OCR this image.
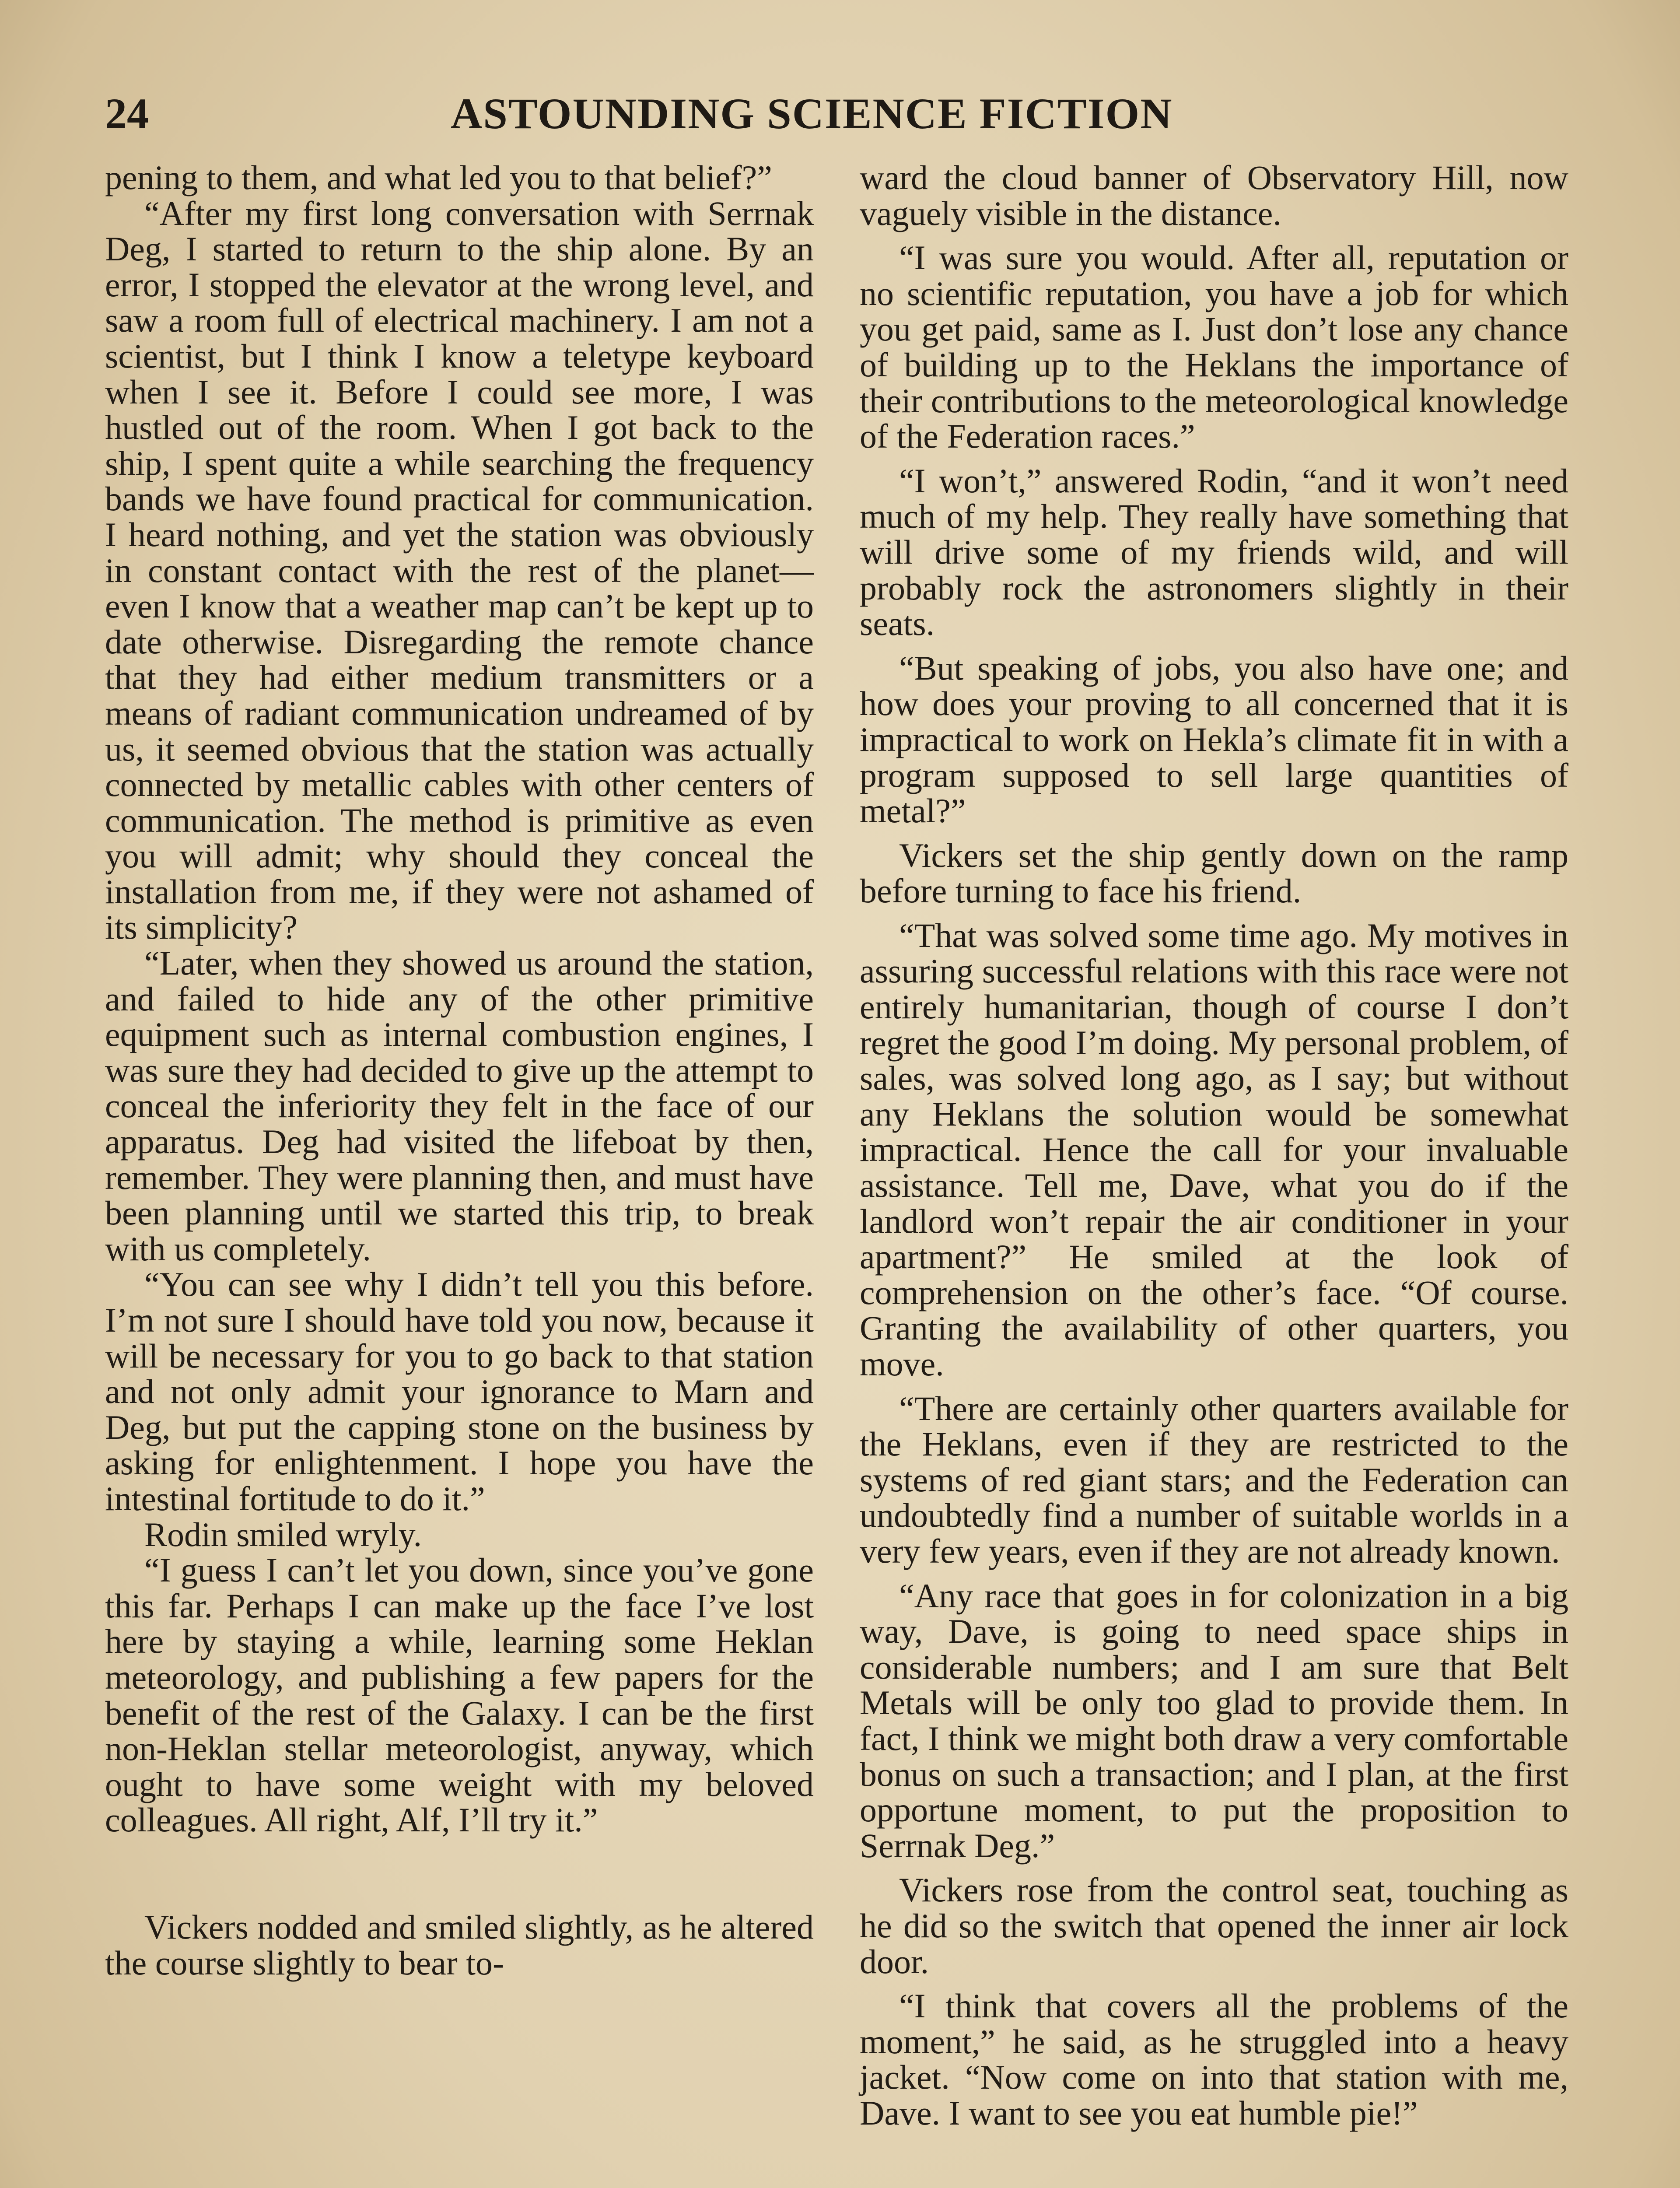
24	ASTOUNDING SCIENCE FICTION

pening to them, and what led you to that belief?”

“After my first long conversation with Serrnak Deg, I started to return to the ship alone. By an error, I stopped the elevator at the wrong level, and saw a room full of electrical machinery. I am not a scientist, but I think I know a teletype keyboard when I see it. Before I could see more, I was hustled out of the room. When I got back to the ship, I spent quite a while searching the frequency bands we have found practical for communication. I heard nothing, and yet the station was obviously in constant contact with the rest of the planet—even I know that a weather map can’t be kept up to date otherwise. Disregarding the remote chance that they had either medium transmitters or a means of radiant communication undreamed of by us, it seemed obvious that the station was actually connected by metallic cables with other centers of communication. The method is primitive as even you will admit; why should they conceal the installation from me, if they were not ashamed of its simplicity?

“Later, when they showed us around the station, and failed to hide any of the other primitive equipment such as internal combustion engines, I was sure they had decided to give up the attempt to conceal the inferiority they felt in the face of our apparatus. Deg had visited the lifeboat by then, remember. They were planning then, and must have been planning until we started this trip, to break with us completely.

“You can see why I didn’t tell you this before. I’m not sure I should have told you now, because it will be necessary for you to go back to that station and not only admit your ignorance to Marn and Deg, but put the capping stone on the business by asking for enlightenment. I hope you have the intestinal fortitude to do it.”

Rodin smiled wryly.

“I guess I can’t let you down, since you’ve gone this far. Perhaps I can make up the face I’ve lost here by staying a while, learning some Heklan meteorology, and publishing a few papers for the benefit of the rest of the Galaxy. I can be the first non-Heklan stellar meteorologist, anyway, which ought to have some weight with my beloved colleagues. All right, Alf, I’ll try it.”

Vickers nodded and smiled slightly, as he altered the course slightly to bear to-

ward the cloud banner of Observatory Hill, now vaguely visible in the distance.

“I was sure you would. After all, reputation or no scientific reputation, you have a job for which you get paid, same as I. Just don’t lose any chance of building up to the Heklans the importance of their contributions to the meteorological knowledge of the Federation races.”

“I won’t,” answered Rodin, “and it won’t need much of my help. They really have something that will drive some of my friends wild, and will probably rock the astronomers slightly in their seats.

“But speaking of jobs, you also have one; and how does your proving to all concerned that it is impractical to work on Hekla’s climate fit in with a program supposed to sell large quantities of metal?”

Vickers set the ship gently down on the ramp before turning to face his friend.

“That was solved some time ago. My motives in assuring successful relations with this race were not entirely humanitarian, though of course I don’t regret the good I’m doing. My personal problem, of sales, was solved long ago, as I say; but without any Heklans the solution would be somewhat impractical. Hence the call for your invaluable assistance. Tell me, Dave, what you do if the landlord won’t repair the air conditioner in your apartment?” He smiled at the look of comprehension on the other’s face. “Of course. Granting the availability of other quarters, you move.

“There are certainly other quarters available for the Heklans, even if they are restricted to the systems of red giant stars; and the Federation can undoubtedly find a number of suitable worlds in a very few years, even if they are not already known.

“Any race that goes in for colonization in a big way, Dave, is going to need space ships in considerable numbers; and I am sure that Belt Metals will be only too glad to provide them. In fact, I think we might both draw a very comfortable bonus on such a transaction; and I plan, at the first opportune moment, to put the proposition to Serrnak Deg.”

Vickers rose from the control seat, touching as he did so the switch that opened the inner air lock door.

“I think that covers all the problems of the moment,” he said, as he struggled into a heavy jacket. “Now come on into that station with me, Dave. I want to see you eat humble pie!”
